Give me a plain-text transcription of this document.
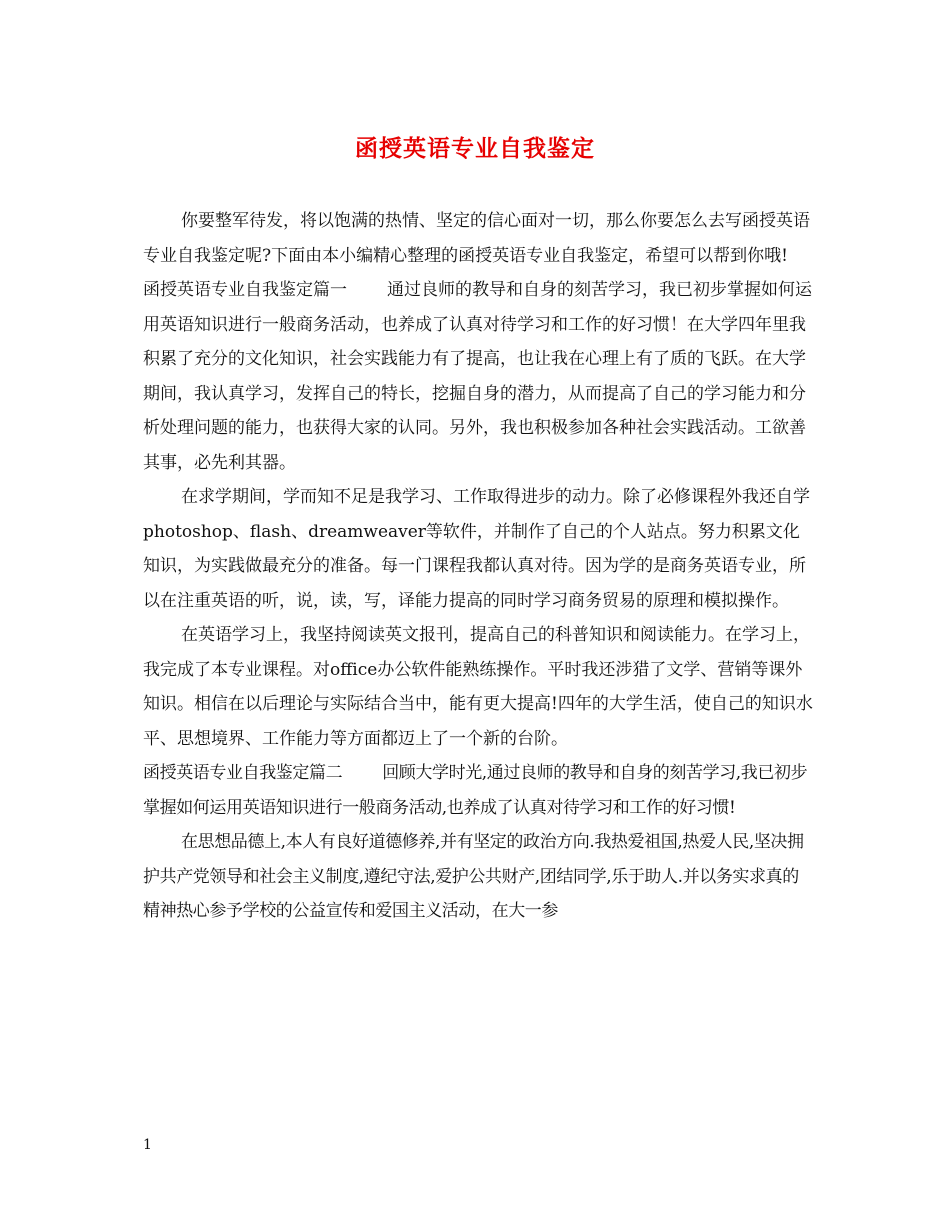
函授英语专业自我鉴定

你要整军待发，将以饱满的热情、坚定的信心面对一切，那么你要怎么去写函授英语专业自我鉴定呢?下面由本小编精心整理的函授英语专业自我鉴定，希望可以帮到你哦!

函授英语专业自我鉴定篇一 通过良师的教导和自身的刻苦学习，我已初步掌握如何运用英语知识进行一般商务活动，也养成了认真对待学习和工作的好习惯！在大学四年里我积累了充分的文化知识，社会实践能力有了提高，也让我在心理上有了质的飞跃。在大学期间，我认真学习，发挥自己的特长，挖掘自身的潜力，从而提高了自己的学习能力和分析处理问题的能力，也获得大家的认同。另外，我也积极参加各种社会实践活动。工欲善其事，必先利其器。

在求学期间，学而知不足是我学习、工作取得进步的动力。除了必修课程外我还自学photoshop、flash、dreamweaver等软件，并制作了自己的个人站点。努力积累文化知识，为实践做最充分的准备。每一门课程我都认真对待。因为学的是商务英语专业，所以在注重英语的听，说，读，写，译能力提高的同时学习商务贸易的原理和模拟操作。

在英语学习上，我坚持阅读英文报刊，提高自己的科普知识和阅读能力。在学习上，我完成了本专业课程。对office办公软件能熟练操作。平时我还涉猎了文学、营销等课外知识。相信在以后理论与实际结合当中，能有更大提高!四年的大学生活，使自己的知识水平、思想境界、工作能力等方面都迈上了一个新的台阶。

函授英语专业自我鉴定篇二 回顾大学时光,通过良师的教导和自身的刻苦学习,我已初步掌握如何运用英语知识进行一般商务活动,也养成了认真对待学习和工作的好习惯!

在思想品德上,本人有良好道德修养,并有坚定的政治方向.我热爱祖国,热爱人民,坚决拥护共产党领导和社会主义制度,遵纪守法,爱护公共财产,团结同学,乐于助人.并以务实求真的精神热心参予学校的公益宣传和爱国主义活动，在大一参

1
